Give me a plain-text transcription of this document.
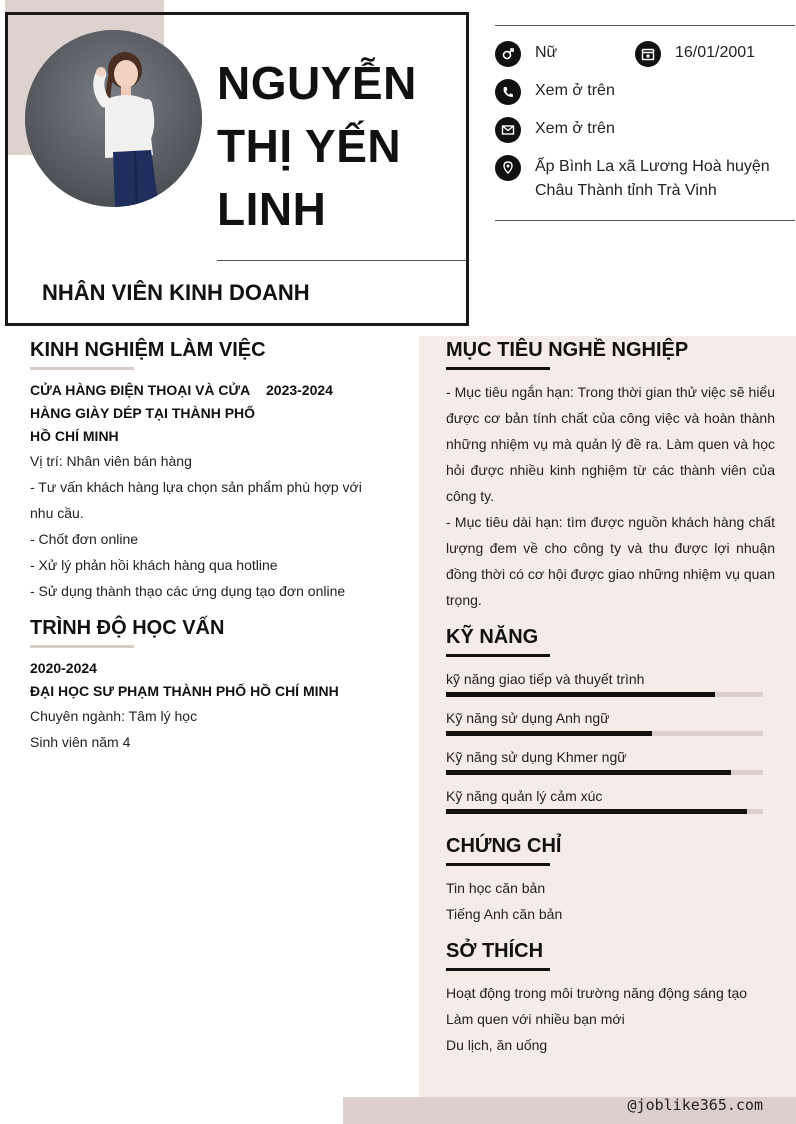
NGUYỄN
THỊ YẾN
LINH
NHÂN VIÊN KINH DOANH
Nữ	16/01/2001
Xem ở trên
Xem ở trên
Ấp Bình La xã Lương Hoà huyện
Châu Thành tỉnh Trà Vinh
KINH NGHIỆM LÀM VIỆC
CỬA HÀNG ĐIỆN THOẠI VÀ CỬA
HÀNG GIÀY DÉP TẠI THÀNH PHỐ
HỒ CHÍ MINH
2023-2024
Vị trí: Nhân viên bán hàng
- Tư vấn khách hàng lựa chọn sản phẩm phù hợp với
nhu cầu.
- Chốt đơn online
- Xử lý phản hồi khách hàng qua hotline
- Sử dụng thành thạo các ứng dụng tạo đơn online
TRÌNH ĐỘ HỌC VẤN
2020-2024
ĐẠI HỌC SƯ PHẠM THÀNH PHỐ HỒ CHÍ MINH
Chuyên ngành: Tâm lý học
Sinh viên năm 4
MỤC TIÊU NGHỀ NGHIỆP
- Mục tiêu ngắn hạn: Trong thời gian thử việc sẽ hiểu
được cơ bản tính chất của công việc và hoàn thành
những nhiệm vụ mà quản lý đề ra. Làm quen và học
hỏi được nhiều kinh nghiệm từ các thành viên của
công ty.
- Mục tiêu dài hạn: tìm được nguồn khách hàng chất
lượng đem về cho công ty và thu được lợi nhuận
đồng thời có cơ hội được giao những nhiệm vụ quan
trọng.
KỸ NĂNG
kỹ năng giao tiếp và thuyết trình
Kỹ năng sử dụng Anh ngữ
Kỹ năng sử dụng Khmer ngữ
Kỹ năng quản lý cảm xúc
CHỨNG CHỈ
Tin học căn bản
Tiếng Anh căn bản
SỞ THÍCH
Hoạt động trong môi trường năng động sáng tạo
Làm quen với nhiều bạn mới
Du lịch, ăn uống
@joblike365.com
